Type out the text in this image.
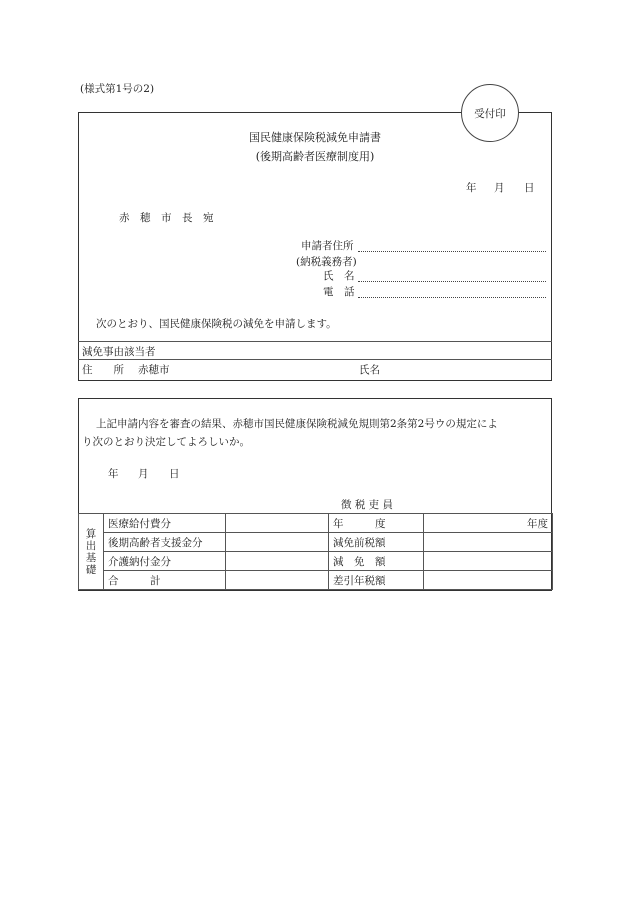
(様式第1号の2)
受付印
国民健康保険税減免申請書
(後期高齢者医療制度用)
年 月 日
赤　穂　市　長　宛
申請者住所
(納税義務者)
氏　名
電　話
次のとおり、国民健康保険税の減免を申請します。
減免事由該当者
住　　所 赤穂市	氏名
上記申請内容を審査の結果、赤穂市国民健康保険税減免規則第2条第2号ウの規定によ
り次のとおり決定してよろしいか。
年 月 日
徴 税 吏 員
算
出
基
礎	医療給付費分		年　　　度	年度
	後期高齢者支援金分		減免前税額	
	介護納付金分		減　免　額	
	合　　　計		差引年税額	
